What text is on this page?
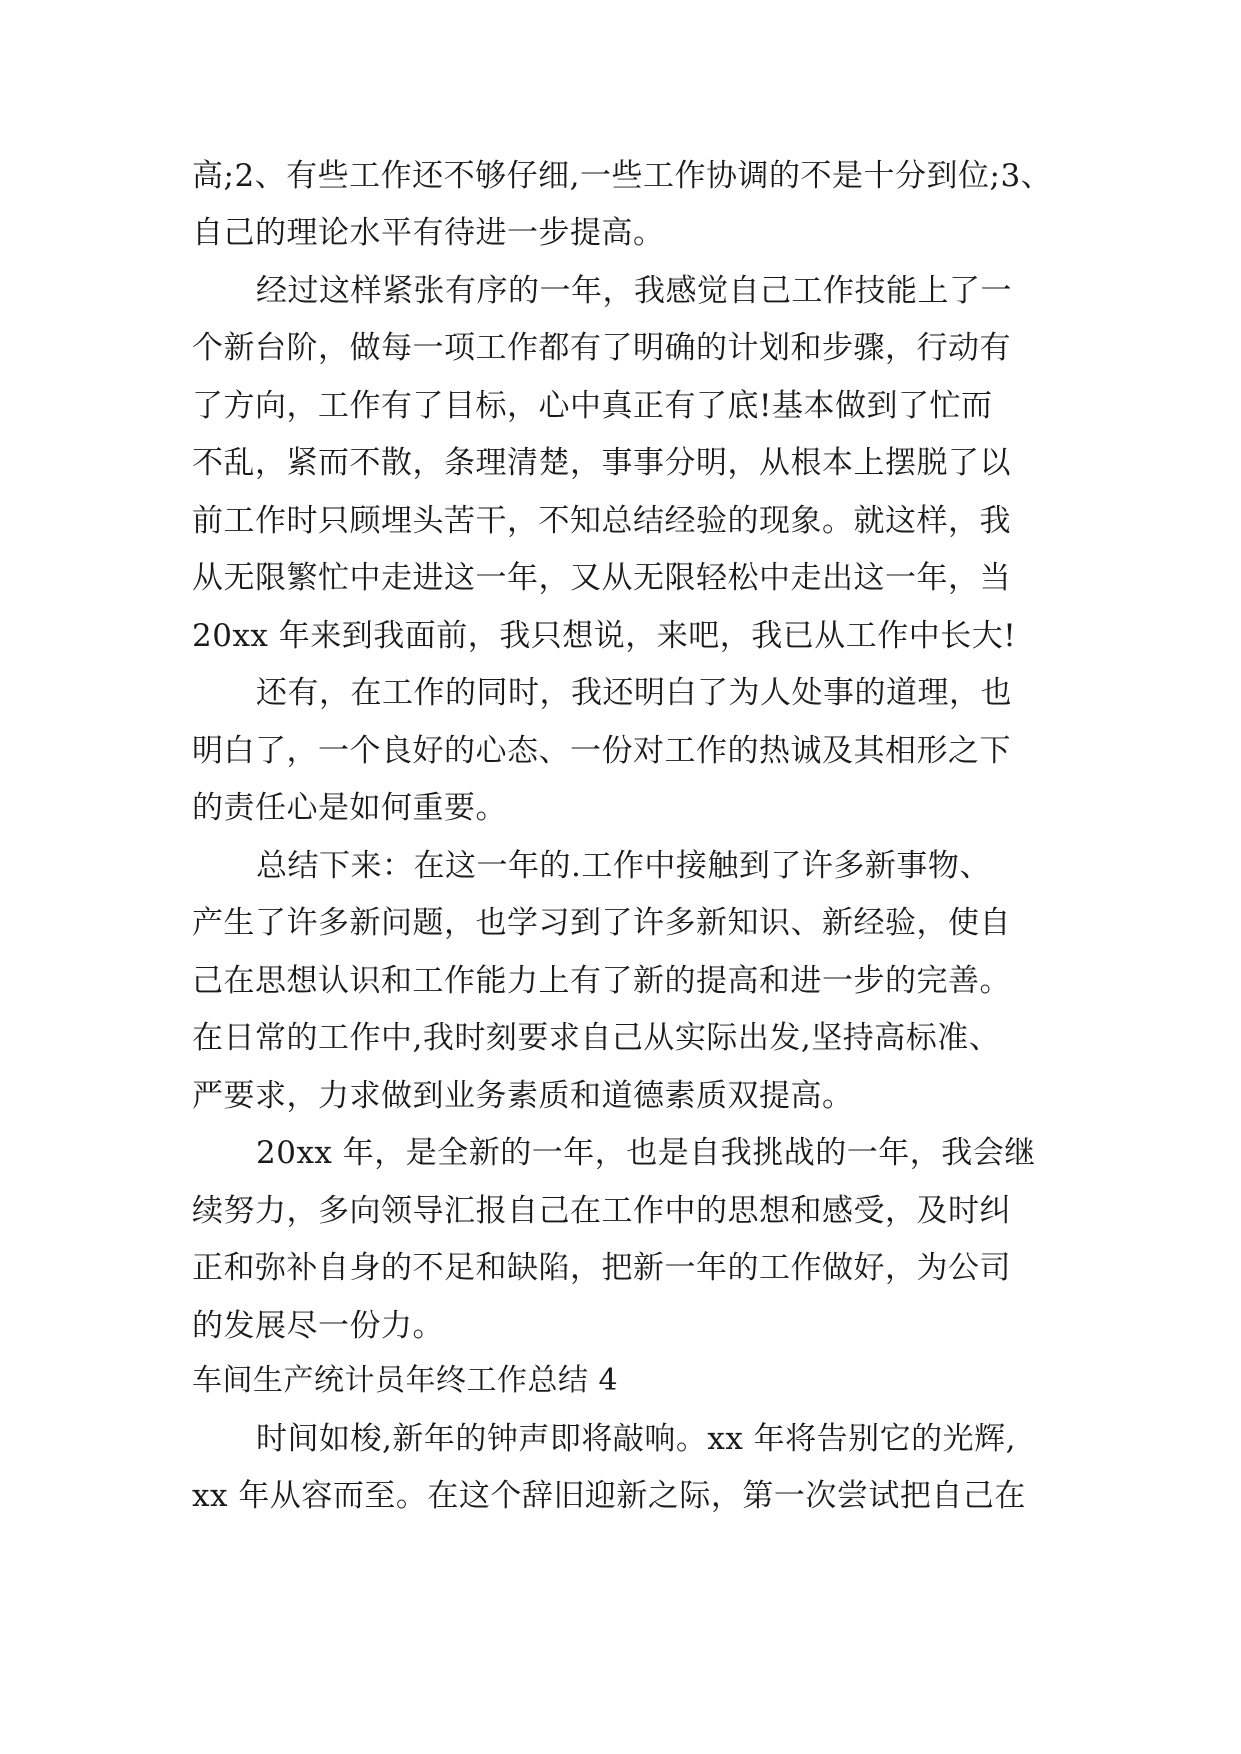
高;2、有些工作还不够仔细,一些工作协调的不是十分到位;3、
自己的理论水平有待进一步提高。
经过这样紧张有序的一年，我感觉自己工作技能上了一
个新台阶，做每一项工作都有了明确的计划和步骤，行动有
了方向，工作有了目标，心中真正有了底!基本做到了忙而
不乱，紧而不散，条理清楚，事事分明，从根本上摆脱了以
前工作时只顾埋头苦干，不知总结经验的现象。就这样，我
从无限繁忙中走进这一年，又从无限轻松中走出这一年，当
20xx 年来到我面前，我只想说，来吧，我已从工作中长大!
还有，在工作的同时，我还明白了为人处事的道理，也
明白了，一个良好的心态、一份对工作的热诚及其相形之下
的责任心是如何重要。
总结下来：在这一年的.工作中接触到了许多新事物、
产生了许多新问题，也学习到了许多新知识、新经验，使自
己在思想认识和工作能力上有了新的提高和进一步的完善。
在日常的工作中,我时刻要求自己从实际出发,坚持高标准、
严要求，力求做到业务素质和道德素质双提高。
20xx 年，是全新的一年，也是自我挑战的一年，我会继
续努力，多向领导汇报自己在工作中的思想和感受，及时纠
正和弥补自身的不足和缺陷，把新一年的工作做好，为公司
的发展尽一份力。
车间生产统计员年终工作总结 4
时间如梭,新年的钟声即将敲响。xx 年将告别它的光辉,
xx 年从容而至。在这个辞旧迎新之际，第一次尝试把自己在
